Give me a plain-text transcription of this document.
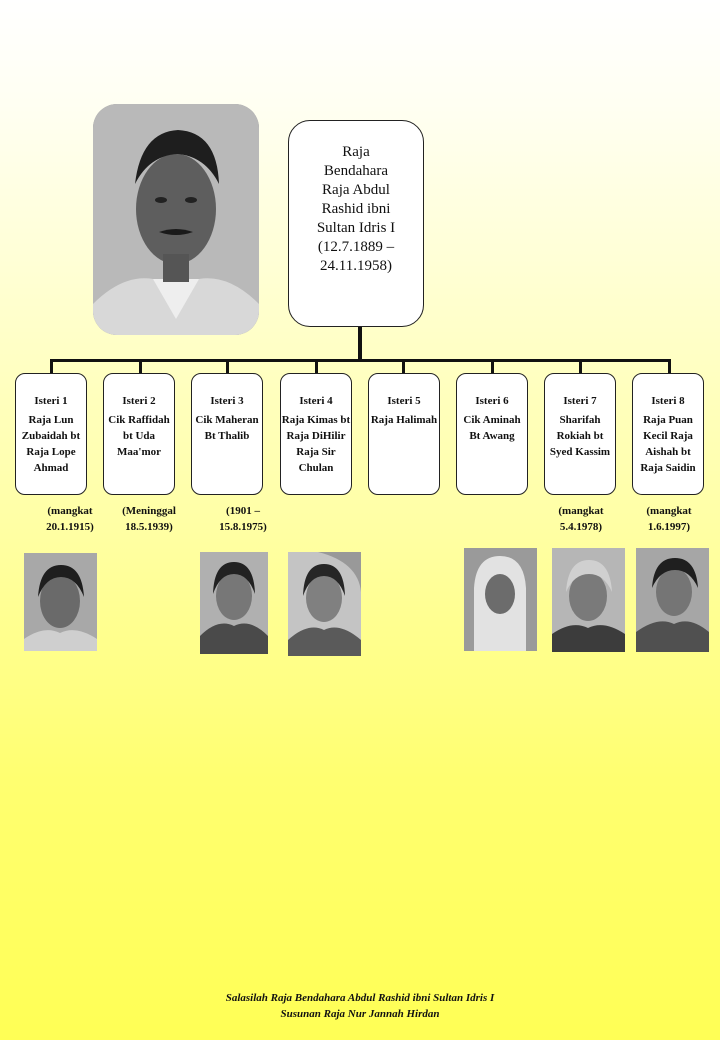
Raja
Bendahara
Raja Abdul
Rashid ibni
Sultan Idris I
(12.7.1889 –
24.11.1958)
Isteri 1
Raja Lun Zubaidah bt Raja Lope Ahmad
Isteri 2
Cik Raffidah bt Uda Maa'mor
Isteri 3
Cik Maheran Bt Thalib
Isteri 4
Raja Kimas bt Raja DiHilir Raja Sir Chulan
Isteri 5
Raja Halimah
Isteri 6
Cik Aminah Bt Awang
Isteri 7
Sharifah Rokiah bt Syed Kassim
Isteri 8
Raja Puan Kecil Raja Aishah bt Raja Saidin
(mangkat
20.1.1915)
(Meninggal
18.5.1939)
(1901 –
15.8.1975)
(mangkat
5.4.1978)
(mangkat
1.6.1997)
Salasilah Raja Bendahara Abdul Rashid ibni Sultan Idris I
Susunan Raja Nur Jannah Hirdan
